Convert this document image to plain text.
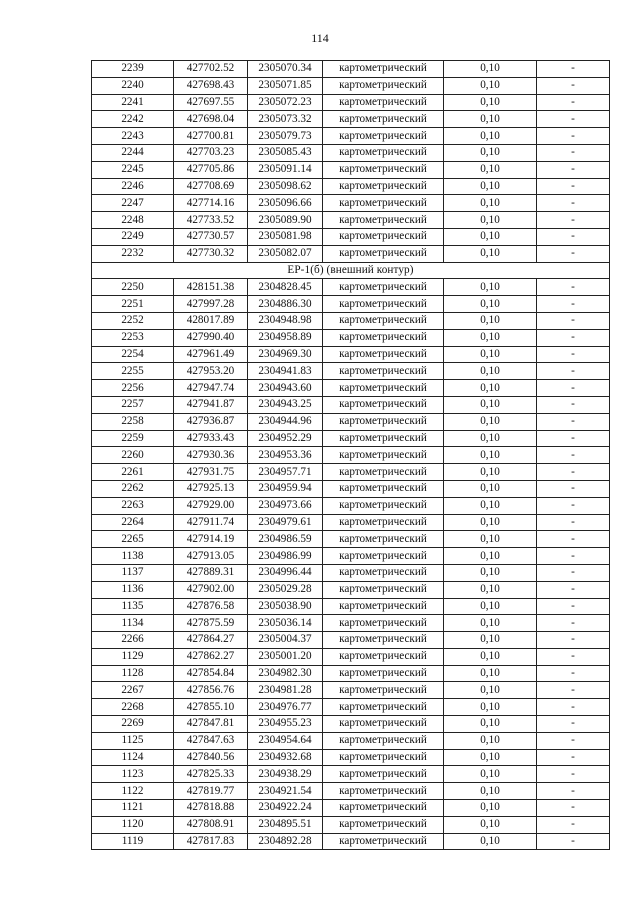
114
2239	427702.52	2305070.34	картометрический	0,10	-
2240	427698.43	2305071.85	картометрический	0,10	-
2241	427697.55	2305072.23	картометрический	0,10	-
2242	427698.04	2305073.32	картометрический	0,10	-
2243	427700.81	2305079.73	картометрический	0,10	-
2244	427703.23	2305085.43	картометрический	0,10	-
2245	427705.86	2305091.14	картометрический	0,10	-
2246	427708.69	2305098.62	картометрический	0,10	-
2247	427714.16	2305096.66	картометрический	0,10	-
2248	427733.52	2305089.90	картометрический	0,10	-
2249	427730.57	2305081.98	картометрический	0,10	-
2232	427730.32	2305082.07	картометрический	0,10	-
ЕР-1(б) (внешний контур)					
2250	428151.38	2304828.45	картометрический	0,10	-
2251	427997.28	2304886.30	картометрический	0,10	-
2252	428017.89	2304948.98	картометрический	0,10	-
2253	427990.40	2304958.89	картометрический	0,10	-
2254	427961.49	2304969.30	картометрический	0,10	-
2255	427953.20	2304941.83	картометрический	0,10	-
2256	427947.74	2304943.60	картометрический	0,10	-
2257	427941.87	2304943.25	картометрический	0,10	-
2258	427936.87	2304944.96	картометрический	0,10	-
2259	427933.43	2304952.29	картометрический	0,10	-
2260	427930.36	2304953.36	картометрический	0,10	-
2261	427931.75	2304957.71	картометрический	0,10	-
2262	427925.13	2304959.94	картометрический	0,10	-
2263	427929.00	2304973.66	картометрический	0,10	-
2264	427911.74	2304979.61	картометрический	0,10	-
2265	427914.19	2304986.59	картометрический	0,10	-
1138	427913.05	2304986.99	картометрический	0,10	-
1137	427889.31	2304996.44	картометрический	0,10	-
1136	427902.00	2305029.28	картометрический	0,10	-
1135	427876.58	2305038.90	картометрический	0,10	-
1134	427875.59	2305036.14	картометрический	0,10	-
2266	427864.27	2305004.37	картометрический	0,10	-
1129	427862.27	2305001.20	картометрический	0,10	-
1128	427854.84	2304982.30	картометрический	0,10	-
2267	427856.76	2304981.28	картометрический	0,10	-
2268	427855.10	2304976.77	картометрический	0,10	-
2269	427847.81	2304955.23	картометрический	0,10	-
1125	427847.63	2304954.64	картометрический	0,10	-
1124	427840.56	2304932.68	картометрический	0,10	-
1123	427825.33	2304938.29	картометрический	0,10	-
1122	427819.77	2304921.54	картометрический	0,10	-
1121	427818.88	2304922.24	картометрический	0,10	-
1120	427808.91	2304895.51	картометрический	0,10	-
1119	427817.83	2304892.28	картометрический	0,10	-
